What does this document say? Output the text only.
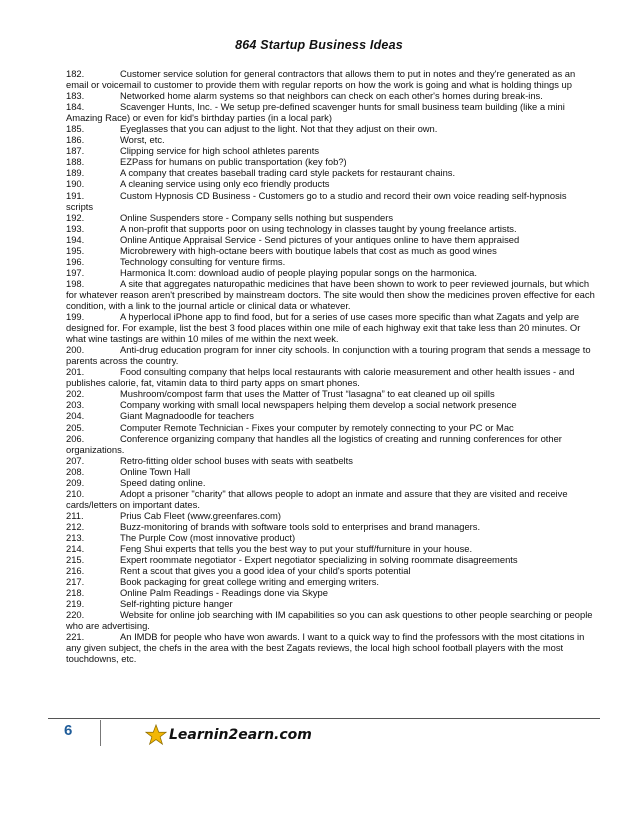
864 Startup Business Ideas
182.	Customer service solution for general contractors that allows them to put in notes and they're generated as an email or voicemail to customer to provide them with regular reports on how the work is going and what is holding things up
183.	Networked home alarm systems so that neighbors can check on each other's homes during break-ins.
184.	Scavenger Hunts, Inc. - We setup pre-defined scavenger hunts for small business team building (like a mini Amazing Race) or even for kid's birthday parties (in a local park)
185.	Eyeglasses that you can adjust to the light. Not that they adjust on their own.
186.	Worst, etc.
187.	Clipping service for high school athletes parents
188.	EZPass for humans on public transportation (key fob?)
189.	A company that creates baseball trading card style packets for restaurant chains.
190.	A cleaning service using only eco friendly products
191.	Custom Hypnosis CD Business - Customers go to a studio and record their own voice reading self-hypnosis scripts
192.	Online Suspenders store - Company sells nothing but suspenders
193.	A non-profit that supports poor on using technology in classes taught by young freelance artists.
194.	Online Antique Appraisal Service - Send pictures of your antiques online to have them appraised
195.	Microbrewery with high-octane beers with boutique labels that cost as much as good wines
196.	Technology consulting for venture firms.
197.	Harmonica It.com: download audio of people playing popular songs on the harmonica.
198.	A site that aggregates naturopathic medicines that have been shown to work to peer reviewed journals, but which for whatever reason aren't prescribed by mainstream doctors. The site would then show the medicines proven effective for each condition, with a link to the journal article or clinical data or whatever.
199.	A hyperlocal iPhone app to find food, but for a series of use cases more specific than what Zagats and yelp are designed for. For example, list the best 3 food places within one mile of each highway exit that take less than 20 minutes. Or what wine tastings are within 10 miles of me within the next week.
200.	Anti-drug education program for inner city schools. In conjunction with a touring program that sends a message to parents across the country.
201.	Food consulting company that helps local restaurants with calorie measurement and other health issues - and publishes calorie, fat, vitamin data to third party apps on smart phones.
202.	Mushroom/compost farm that uses the Matter of Trust “lasagna” to eat cleaned up oil spills
203.	Company working with small local newspapers helping them develop a social network presence
204.	Giant Magnadoodle for teachers
205.	Computer Remote Technician - Fixes your computer by remotely connecting to your PC or Mac
206.	Conference organizing company that handles all the logistics of creating and running conferences for other organizations.
207.	Retro-fitting older school buses with seats with seatbelts
208.	Online Town Hall
209.	Speed dating online.
210.	Adopt a prisoner "charity" that allows people to adopt an inmate and assure that they are visited and receive cards/letters on important dates.
211.	Prius Cab Fleet (www.greenfares.com)
212.	Buzz-monitoring of brands with software tools sold to enterprises and brand managers.
213.	The Purple Cow (most innovative product)
214.	Feng Shui experts that tells you the best way to put your stuff/furniture in your house.
215.	Expert roommate negotiator - Expert negotiator specializing in solving roommate disagreements
216.	Rent a scout that gives you a good idea of your child's sports potential
217.	Book packaging for great college writing and emerging writers.
218.	Online Palm Readings - Readings done via Skype
219.	Self-righting picture hanger
220.	Website for online job searching with IM capabilities so you can ask questions to other people searching or people who are advertising.
221.	An IMDB for people who have won awards. I want to a quick way to find the professors with the most citations in any given subject, the chefs in the area with the best Zagats reviews, the local high school football players with the most touchdowns, etc.
6	Learnin2earn.com
